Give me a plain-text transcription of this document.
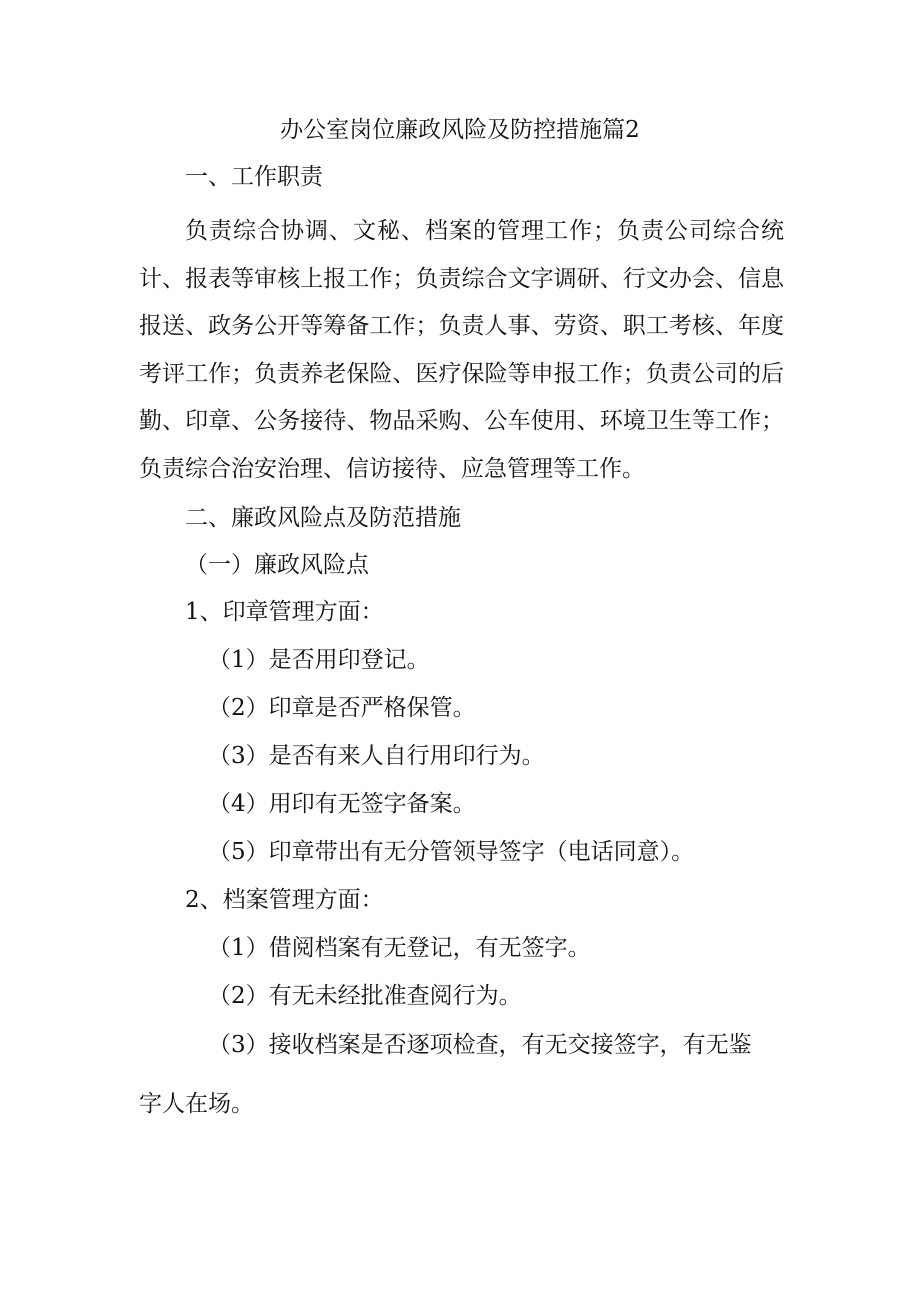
办公室岗位廉政风险及防控措施篇2

一、工作职责

负责综合协调、文秘、档案的管理工作；负责公司综合统计、报表等审核上报工作；负责综合文字调研、行文办会、信息报送、政务公开等筹备工作；负责人事、劳资、职工考核、年度考评工作；负责养老保险、医疗保险等申报工作；负责公司的后勤、印章、公务接待、物品采购、公车使用、环境卫生等工作；负责综合治安治理、信访接待、应急管理等工作。

二、廉政风险点及防范措施

（一）廉政风险点

1、印章管理方面：

（1）是否用印登记。

（2）印章是否严格保管。

（3）是否有来人自行用印行为。

（4）用印有无签字备案。

（5）印章带出有无分管领导签字（电话同意）。

2、档案管理方面：

（1）借阅档案有无登记，有无签字。

（2）有无未经批准查阅行为。

（3）接收档案是否逐项检查，有无交接签字，有无鉴

字人在场。
